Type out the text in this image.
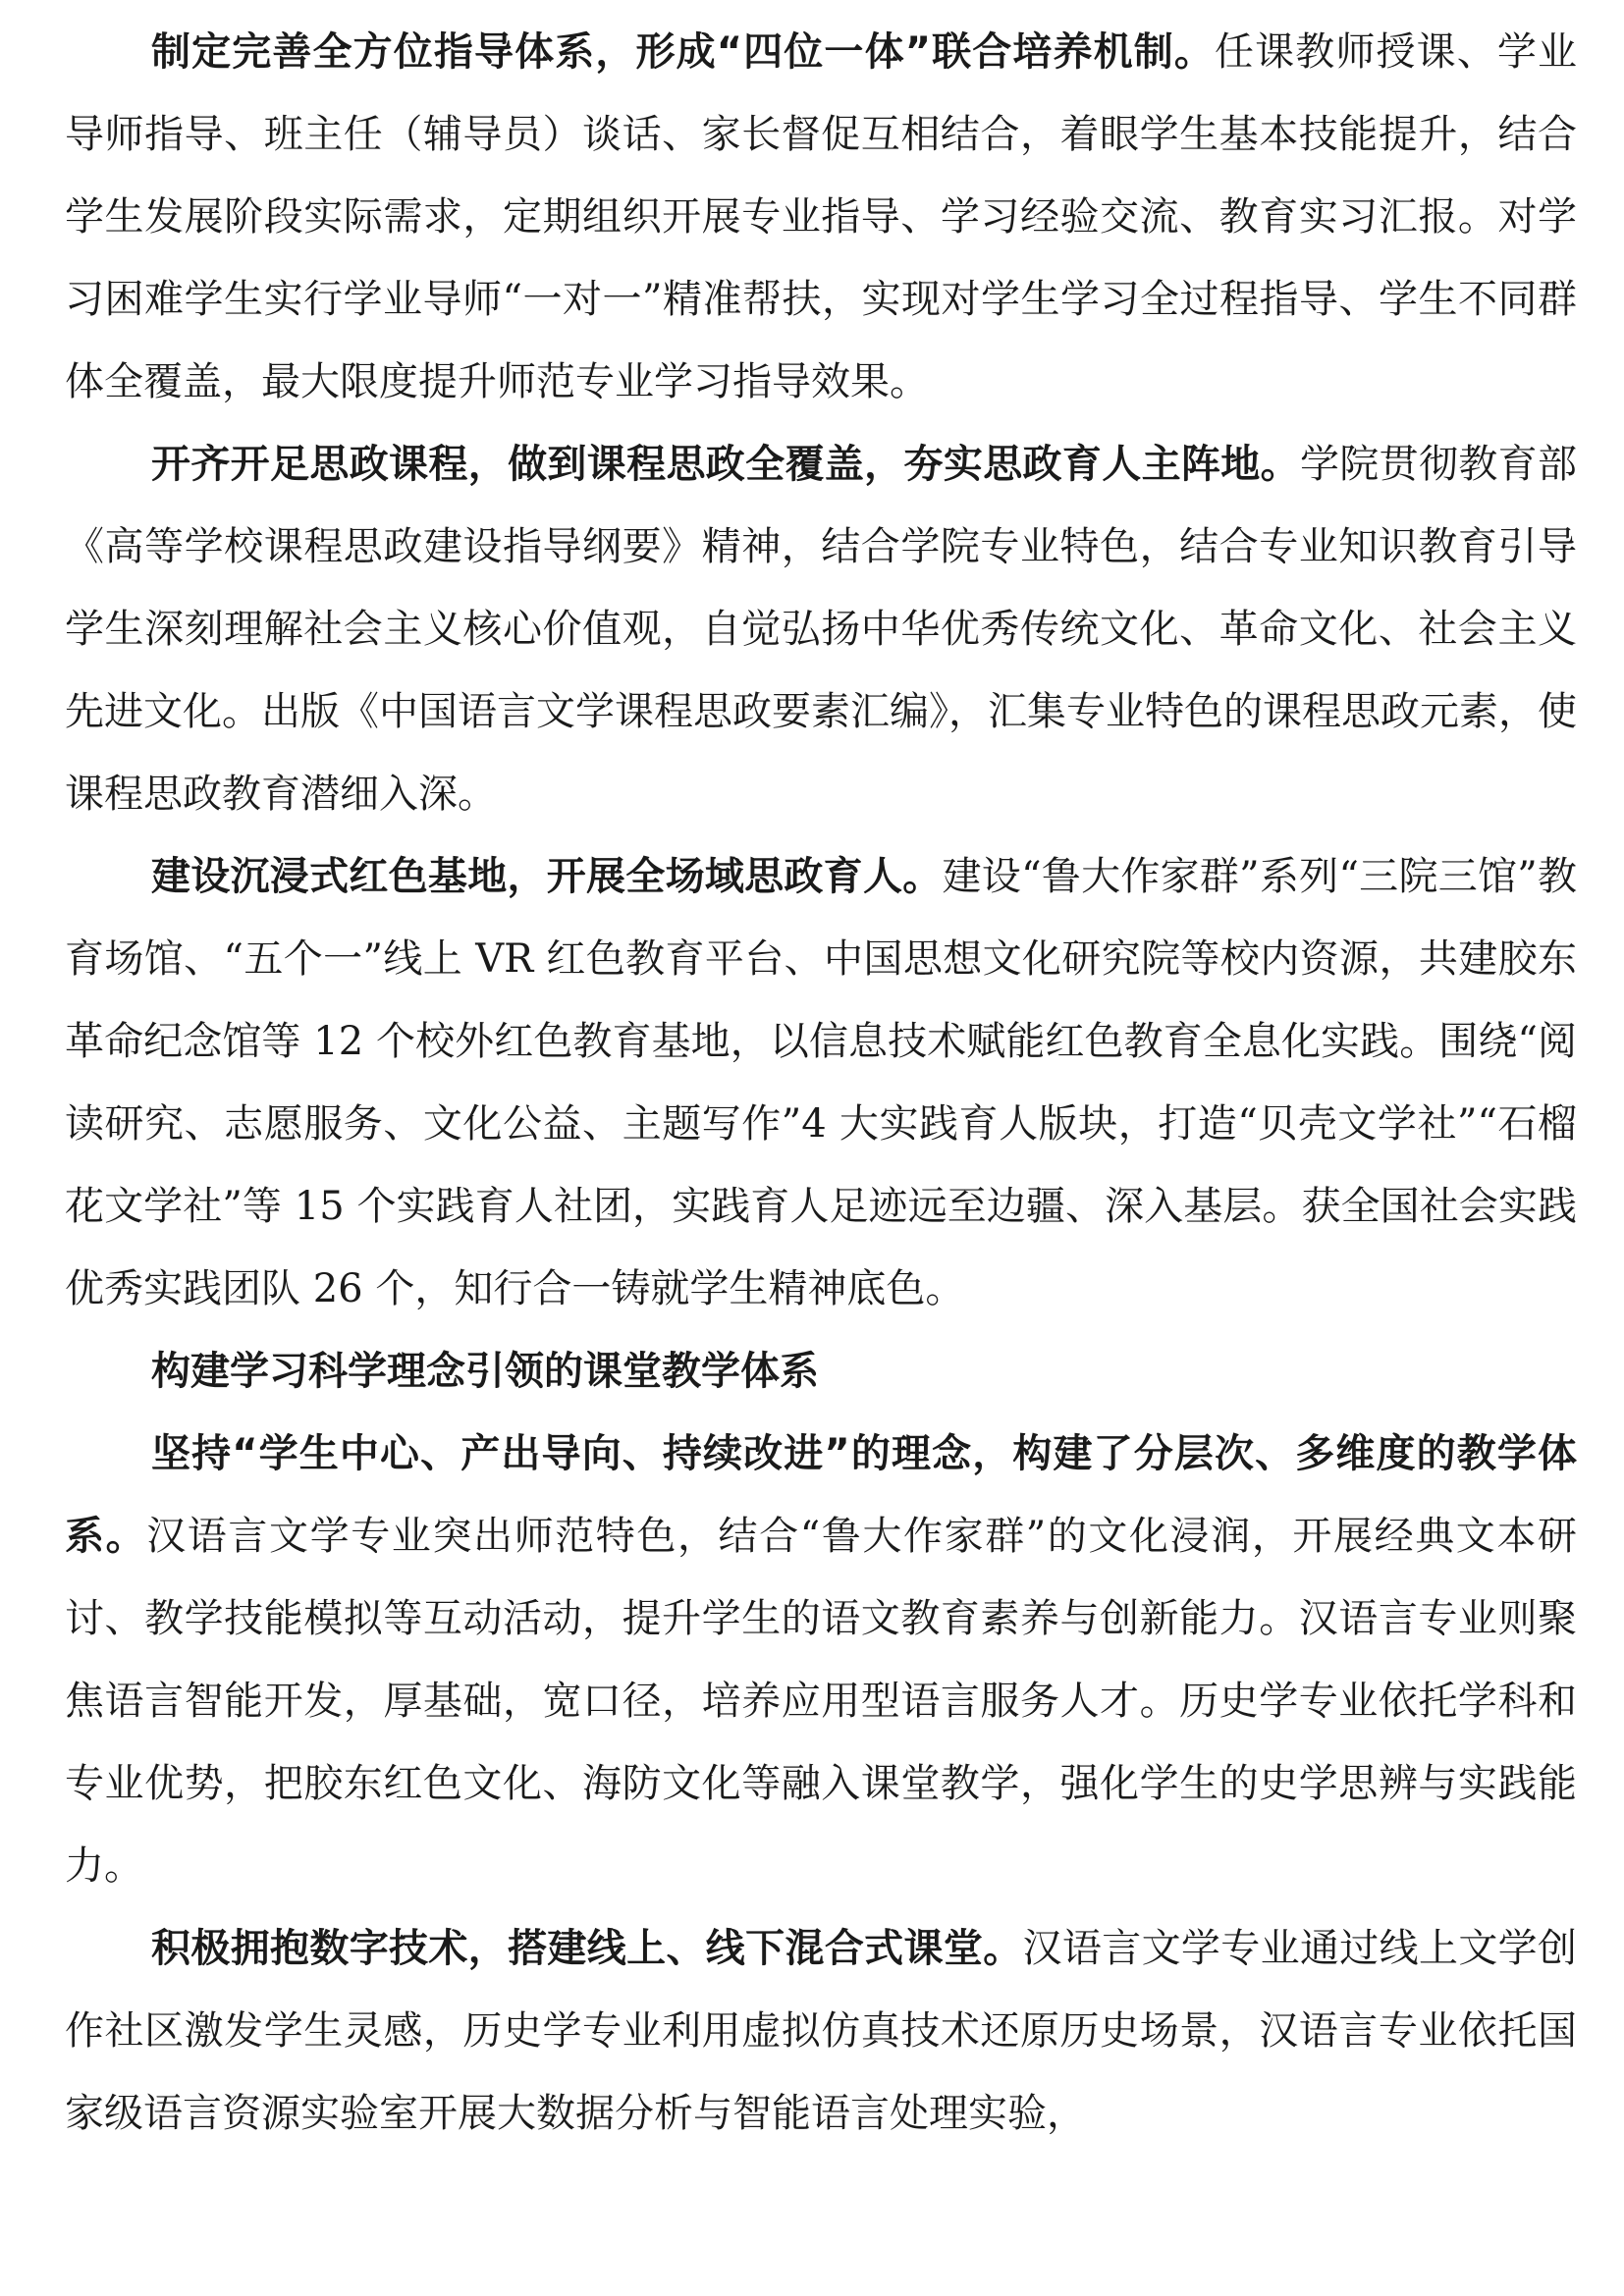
制定完善全方位指导体系，形成“四位一体”联合培养机制。任课教师授课、学业导师指导、班主任（辅导员）谈话、家长督促互相结合，着眼学生基本技能提升，结合学生发展阶段实际需求，定期组织开展专业指导、学习经验交流、教育实习汇报。对学习困难学生实行学业导师“一对一”精准帮扶，实现对学生学习全过程指导、学生不同群体全覆盖，最大限度提升师范专业学习指导效果。

开齐开足思政课程，做到课程思政全覆盖，夯实思政育人主阵地。学院贯彻教育部《高等学校课程思政建设指导纲要》精神，结合学院专业特色，结合专业知识教育引导学生深刻理解社会主义核心价值观，自觉弘扬中华优秀传统文化、革命文化、社会主义先进文化。出版《中国语言文学课程思政要素汇编》，汇集专业特色的课程思政元素，使课程思政教育潜细入深。

建设沉浸式红色基地，开展全场域思政育人。建设“鲁大作家群”系列“三院三馆”教育场馆、“五个一”线上 VR 红色教育平台、中国思想文化研究院等校内资源，共建胶东革命纪念馆等 12 个校外红色教育基地，以信息技术赋能红色教育全息化实践。围绕“阅读研究、志愿服务、文化公益、主题写作”4 大实践育人版块，打造“贝壳文学社”“石榴花文学社”等 15 个实践育人社团，实践育人足迹远至边疆、深入基层。获全国社会实践优秀实践团队 26 个，知行合一铸就学生精神底色。

构建学习科学理念引领的课堂教学体系

坚持“学生中心、产出导向、持续改进”的理念，构建了分层次、多维度的教学体系。汉语言文学专业突出师范特色，结合“鲁大作家群”的文化浸润，开展经典文本研讨、教学技能模拟等互动活动，提升学生的语文教育素养与创新能力。汉语言专业则聚焦语言智能开发，厚基础，宽口径，培养应用型语言服务人才。历史学专业依托学科和专业优势，把胶东红色文化、海防文化等融入课堂教学，强化学生的史学思辨与实践能力。

积极拥抱数字技术，搭建线上、线下混合式课堂。汉语言文学专业通过线上文学创作社区激发学生灵感，历史学专业利用虚拟仿真技术还原历史场景，汉语言专业依托国家级语言资源实验室开展大数据分析与智能语言处理实验，
